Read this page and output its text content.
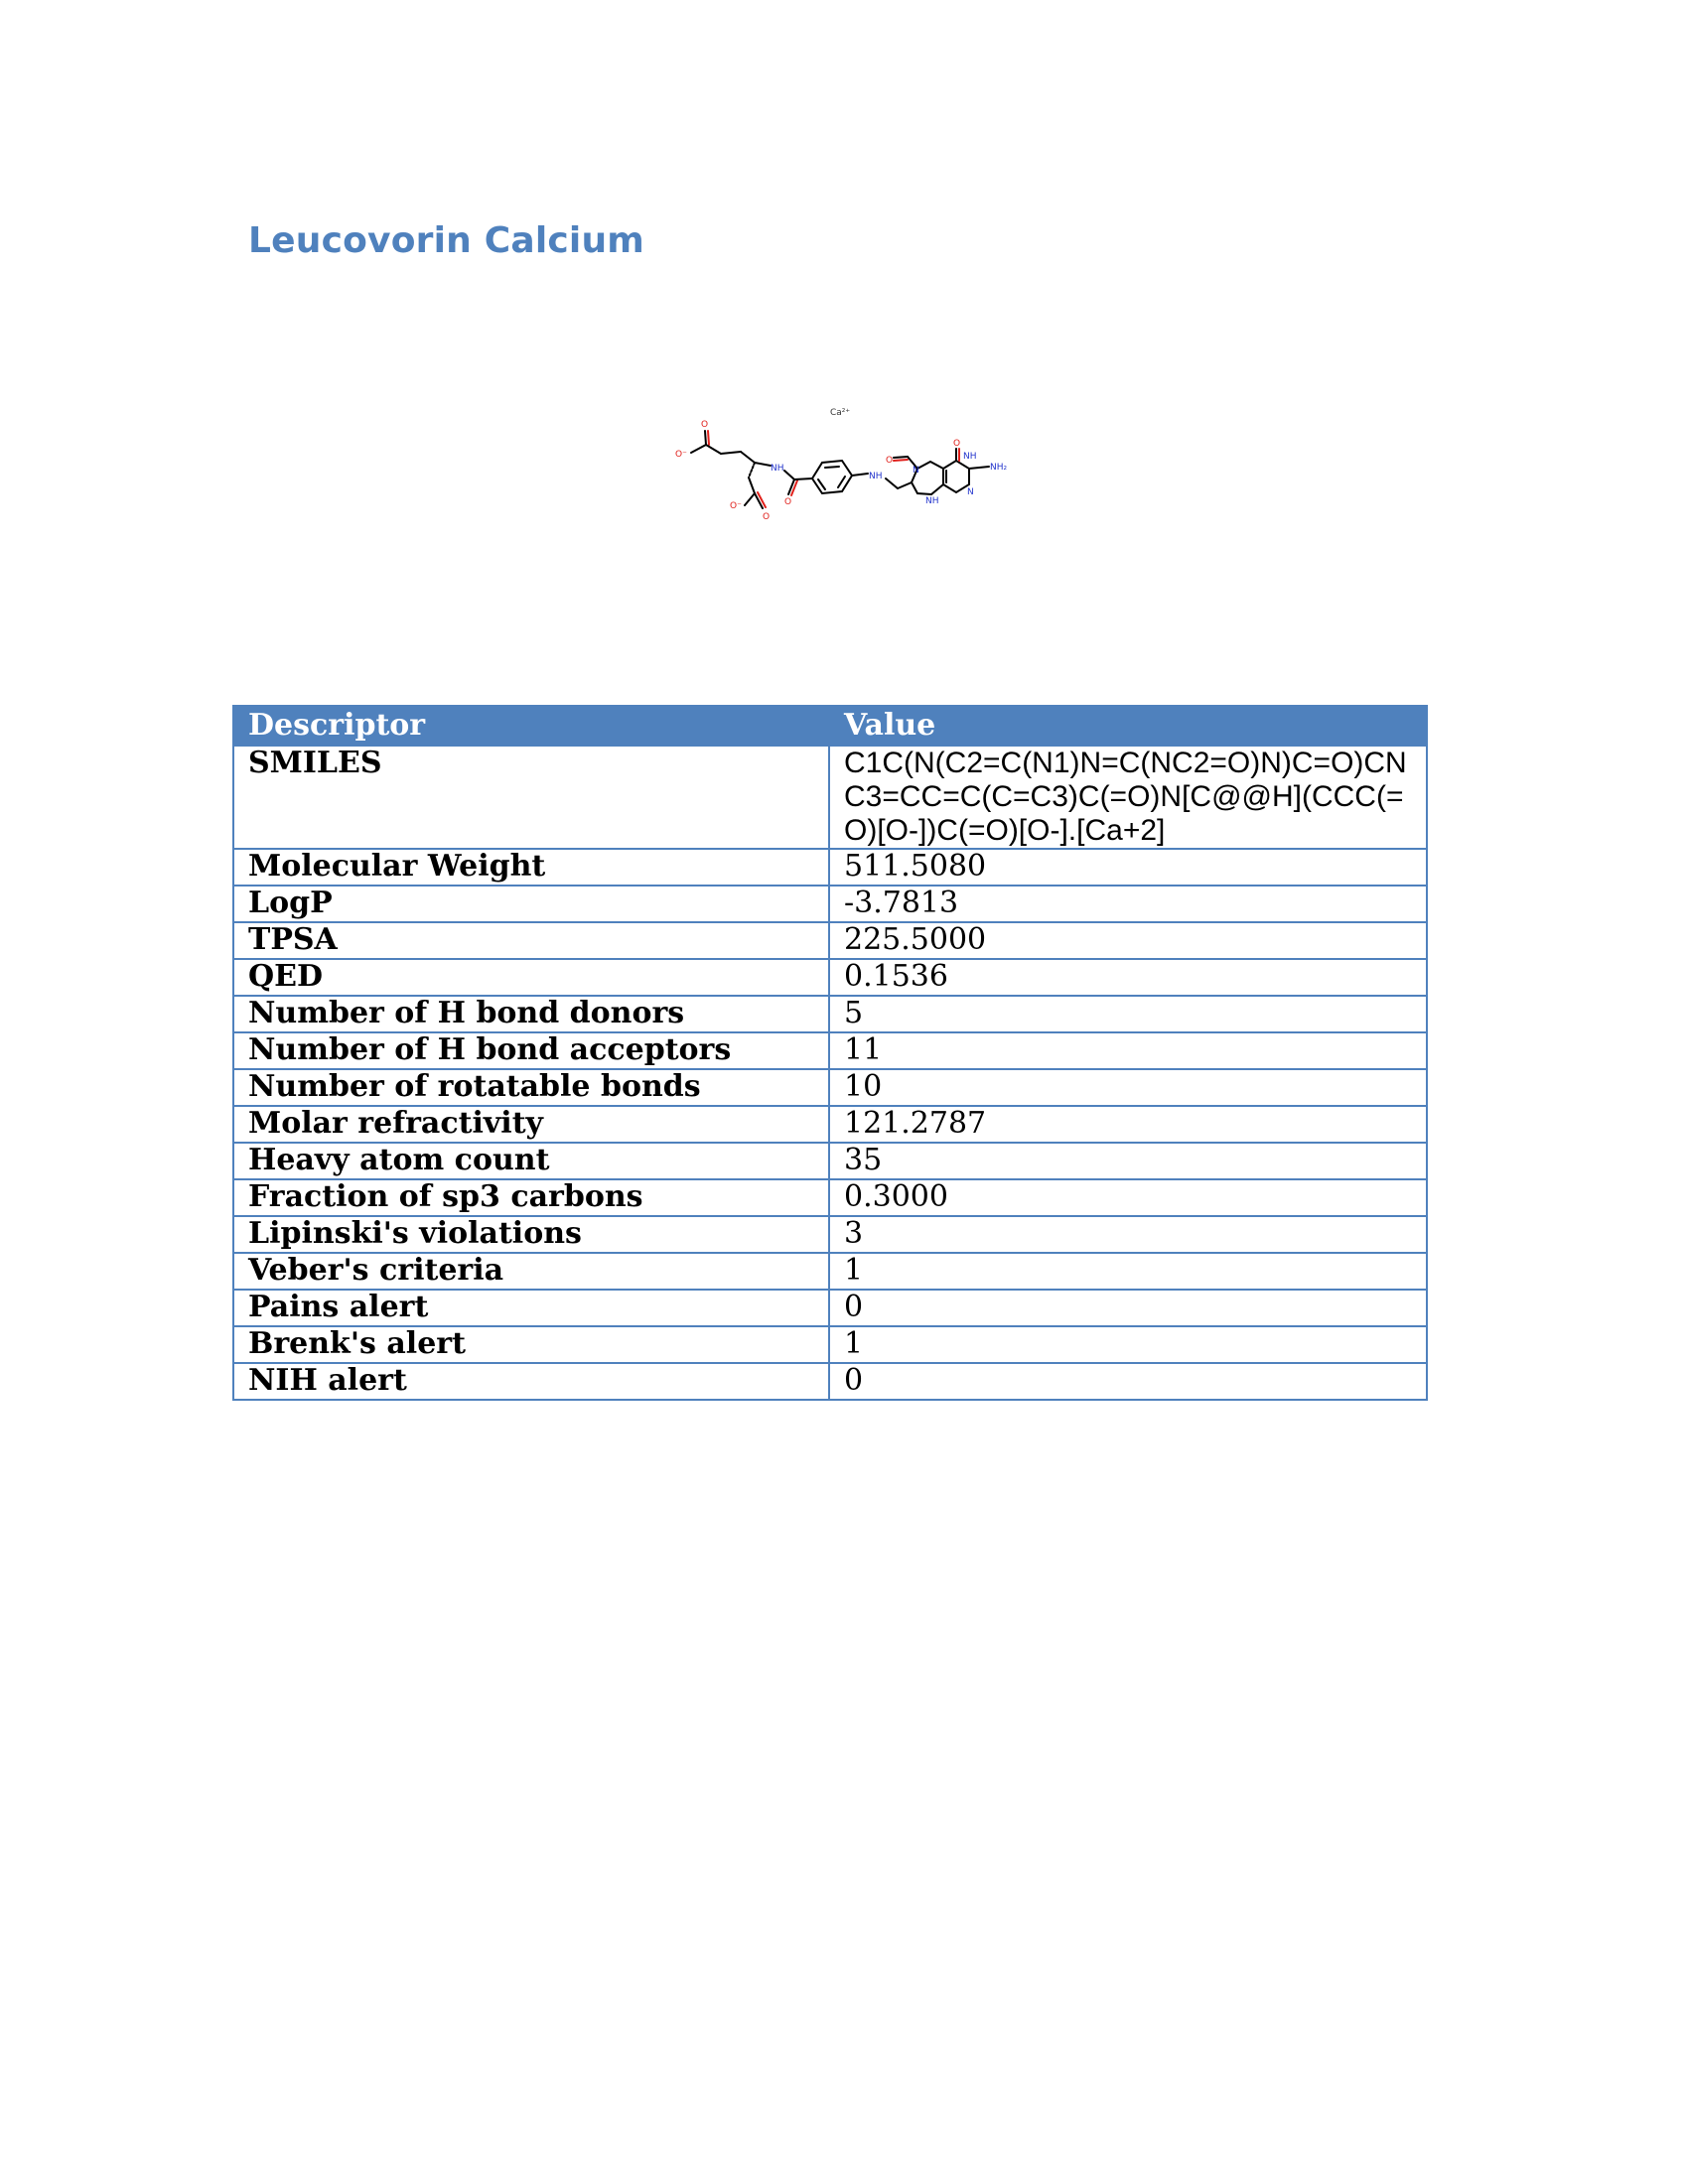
Leucovorin Calcium
Ca²⁺
O⁻
O
O⁻
O
NH
O
NH
O
N
NH
O
NH
N
NH₂
Descriptor	Value
SMILES	C1C(N(C2=C(N1)N=C(NC2=O)N)C=O)CNC3=CC=C(C=C3)C(=O)N[C@@H](CCC(=O)[O-])C(=O)[O-].[Ca+2]
Molecular Weight	511.5080
LogP	-3.7813
TPSA	225.5000
QED	0.1536
Number of H bond donors	5
Number of H bond acceptors	11
Number of rotatable bonds	10
Molar refractivity	121.2787
Heavy atom count	35
Fraction of sp3 carbons	0.3000
Lipinski's violations	3
Veber's criteria	1
Pains alert	0
Brenk's alert	1
NIH alert	0
